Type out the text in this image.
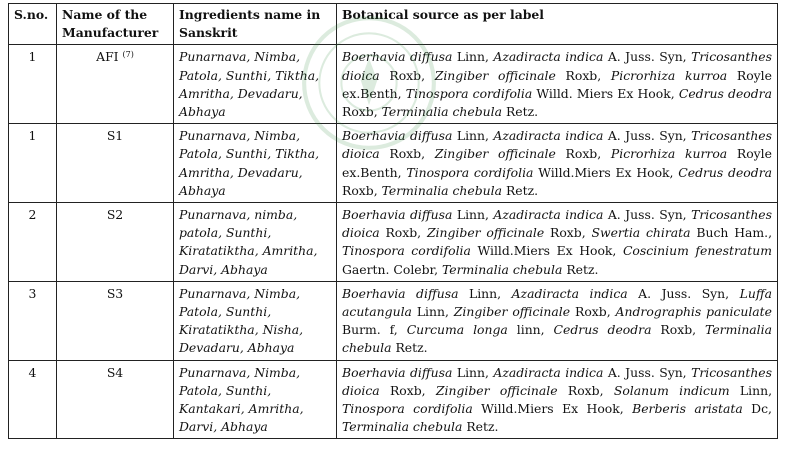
S.no.	Name of the Manufacturer	Ingredients name in Sanskrit	Botanical source as per label
1	AFI $^{(7)}$	Punarnava, Nimba, Patola, Sunthi, Tiktha, Amritha, Devadaru, Abhaya	Boerhavia diffusa Linn, Azadiracta indica A. Juss. Syn, Tricosanthes dioica Roxb, Zingiber officinale Roxb, Picrorhiza kurroa Royle ex.Benth, Tinospora cordifolia Willd. Miers Ex Hook, Cedrus deodra Roxb, Terminalia chebula Retz.
1	S1	Punarnava, Nimba, Patola, Sunthi, Tiktha, Amritha, Devadaru, Abhaya	Boerhavia diffusa Linn, Azadiracta indica A. Juss. Syn, Tricosanthes dioica Roxb, Zingiber officinale Roxb, Picrorhiza kurroa Royle ex.Benth, Tinospora cordifolia Willd.Miers Ex Hook, Cedrus deodra Roxb, Terminalia chebula Retz.
2	S2	Punarnava, nimba, patola, Sunthi, Kiratatiktha, Amritha, Darvi, Abhaya	Boerhavia diffusa Linn, Azadiracta indica A. Juss. Syn, Tricosanthes dioica Roxb, Zingiber officinale Roxb, Swertia chirata Buch Ham., Tinospora cordifolia Willd.Miers Ex Hook, Coscinium fenestratum Gaertn. Colebr, Terminalia chebula Retz.
3	S3	Punarnava, Nimba, Patola, Sunthi, Kiratatiktha, Nisha, Devadaru, Abhaya	Boerhavia diffusa Linn, Azadiracta indica A. Juss. Syn, Luffa acutangula Linn, Zingiber officinale Roxb, Andrographis paniculate Burm. f, Curcuma longa linn, Cedrus deodra Roxb, Terminalia chebula Retz.
4	S4	Punarnava, Nimba, Patola, Sunthi, Kantakari, Amritha, Darvi, Abhaya	Boerhavia diffusa Linn, Azadiracta indica A. Juss. Syn, Tricosanthes dioica Roxb, Zingiber officinale Roxb, Solanum indicum Linn, Tinospora cordifolia Willd.Miers Ex Hook, Berberis aristata Dc, Terminalia chebula Retz.
